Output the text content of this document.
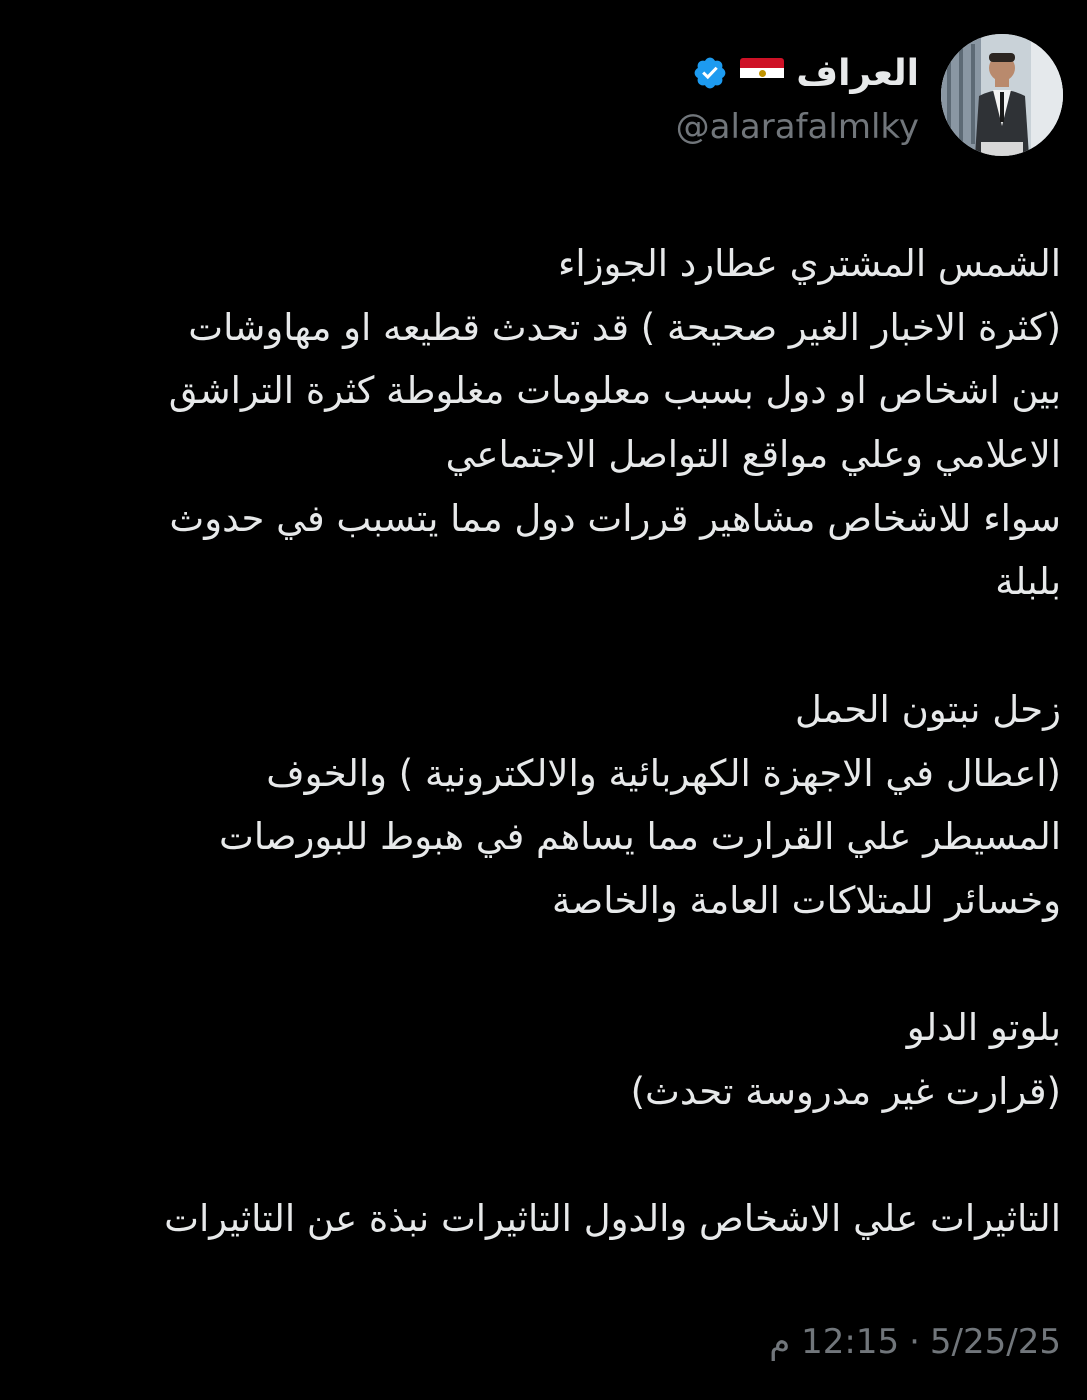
العراف
@alarafalmlky
الشمس المشتري عطارد الجوزاء
(كثرة الاخبار الغير صحيحة ) قد تحدث قطيعه او مهاوشات
بين اشخاص او دول بسبب معلومات مغلوطة كثرة التراشق
الاعلامي وعلي مواقع التواصل الاجتماعي
سواء للاشخاص مشاهير قررات دول مما يتسبب في حدوث
بلبلة
زحل نبتون الحمل
(اعطال في الاجهزة الكهربائية والالكترونية ) والخوف
المسيطر علي القرارت مما يساهم في هبوط للبورصات
وخسائر للمتلاكات العامة والخاصة
بلوتو الدلو
(قرارت غير مدروسة تحدث)
التاثيرات علي الاشخاص والدول التاثيرات نبذة عن التاثيرات
12:15 م · 5/25/25
